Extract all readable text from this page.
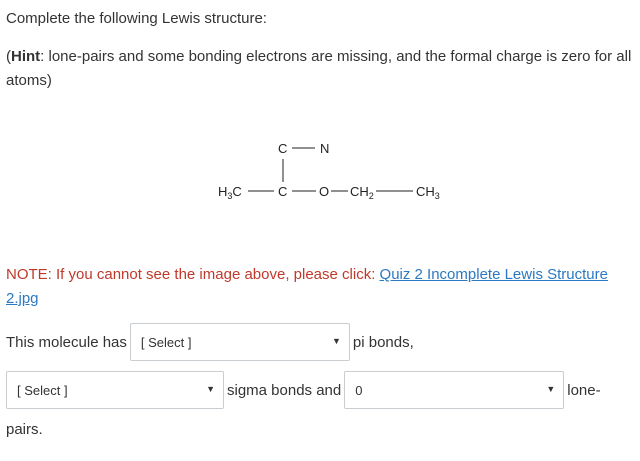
Complete the following Lewis structure:
(Hint: lone-pairs and some bonding electrons are missing, and the formal charge is zero for all atoms)
C	N
$H_3C$	C O $CH_2$	$CH_3$
NOTE: If you cannot see the image above, please click: Quiz 2 Incomplete Lewis Structure 2.jpg
This molecule has [ Select ]	▼ pi bonds,
[ Select ]	▼ sigma bonds and 0	▼ lone-
pairs.
